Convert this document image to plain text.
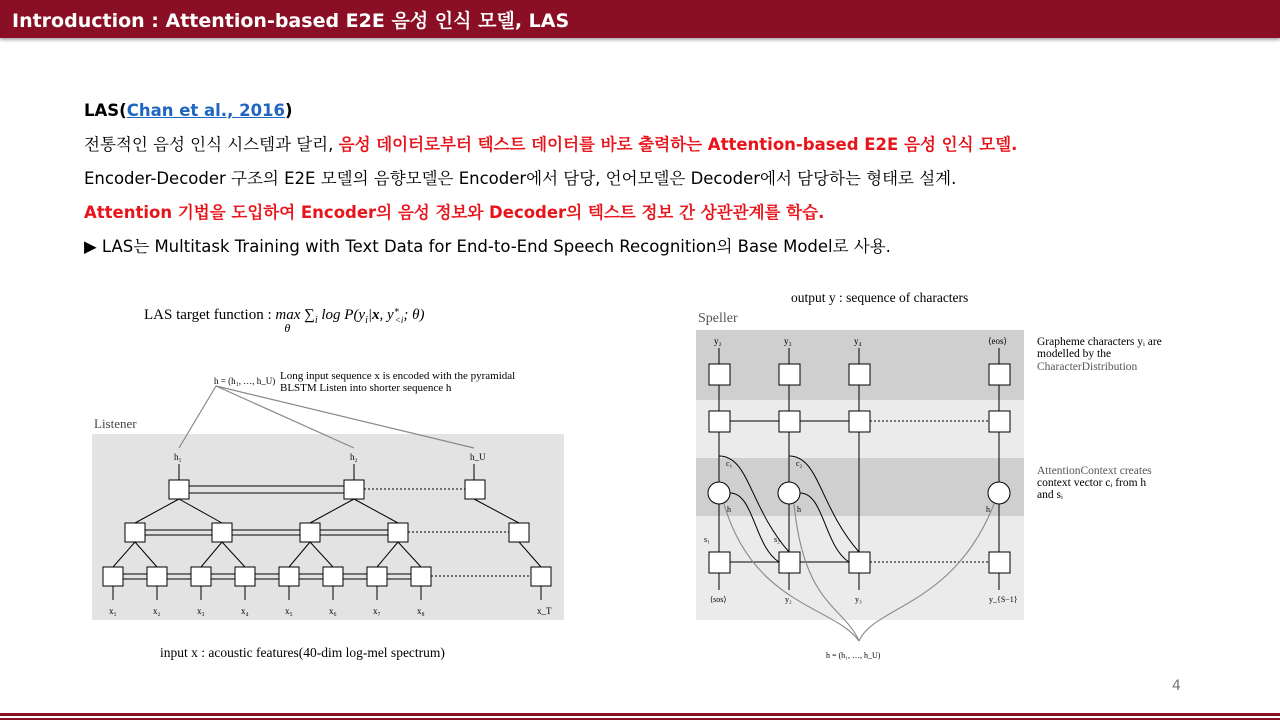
Introduction : Attention-based E2E 음성 인식 모델, LAS
LAS(Chan et al., 2016)
전통적인 음성 인식 시스템과 달리, 음성 데이터로부터 텍스트 데이터를 바로 출력하는 Attention-based E2E 음성 인식 모델.
Encoder-Decoder 구조의 E2E 모델의 음향모델은 Encoder에서 담당, 언어모델은 Decoder에서 담당하는 형태로 설계.
Attention 기법을 도입하여 Encoder의 음성 정보와 Decoder의 텍스트 정보 간 상관관계를 학습.
▶ LAS는 Multitask Training with Text Data for End-to-End Speech Recognition의 Base Model로 사용.
LAS target function : max
θ
$\sum_i$ $\log P(y_i|x$, $y^∗_{<i}$; θ)
Listener
h = (h₁, …, h_U) Long input sequence x is encoded with the pyramidal
BLSTM Listen into shorter sequence h
h₁	h₂	h_U
x₁	x₂	x₃	x₄	x₅	x₆	x₇	x₈	x_T
input x : acoustic features(40-dim log-mel spectrum)
output y : sequence of characters
Speller
y₂	y₃	y₄	⟨eos⟩
c₁	c₂
h	h	h
s₁	s₂
⟨sos⟩	y₂	y₃	y_{S−1}
h = (h₁, …, h_U)
Grapheme characters yᵢ are
modelled by the
CharacterDistribution
AttentionContext creates
context vector cᵢ from h
and sᵢ
4
